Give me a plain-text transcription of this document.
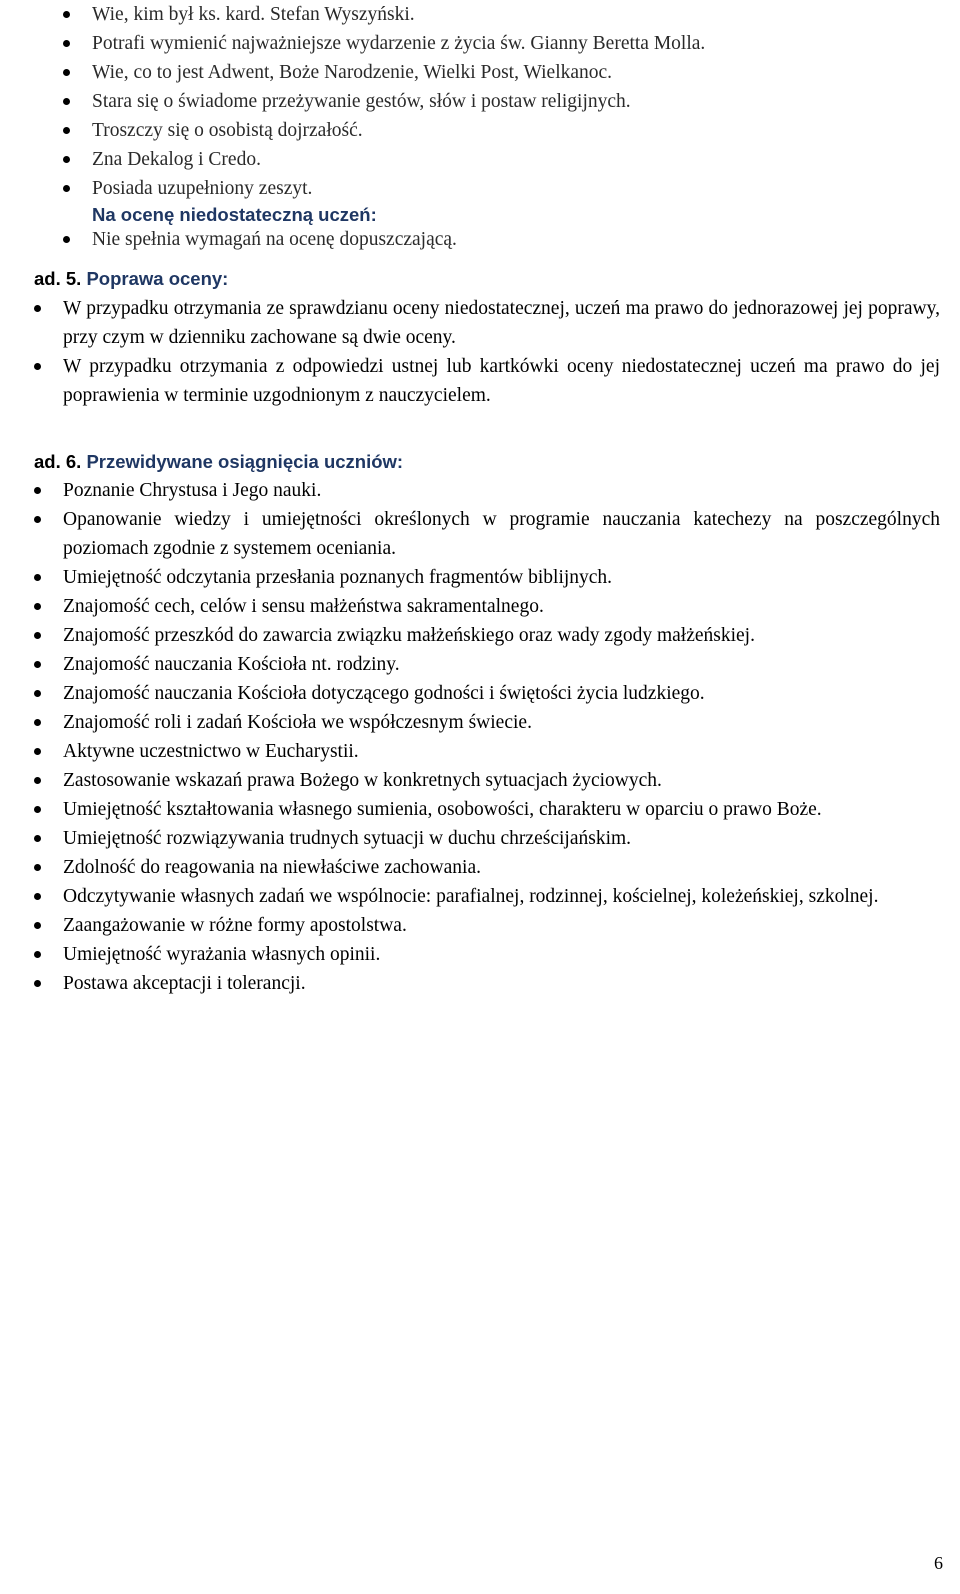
Wie, kim był ks. kard. Stefan Wyszyński.
Potrafi wymienić najważniejsze wydarzenie z życia św. Gianny Beretta Molla.
Wie, co to jest Adwent, Boże Narodzenie, Wielki Post, Wielkanoc.
Stara się o świadome przeżywanie gestów, słów i postaw religijnych.
Troszczy się o osobistą dojrzałość.
Zna Dekalog i Credo.
Posiada uzupełniony zeszyt.
Na ocenę niedostateczną uczeń:
Nie spełnia wymagań na ocenę dopuszczającą.
ad. 5. Poprawa oceny:
W przypadku otrzymania ze sprawdzianu oceny niedostatecznej, uczeń ma prawo do jednorazowej jej poprawy, przy czym w dzienniku zachowane są dwie oceny.
W przypadku otrzymania z odpowiedzi ustnej lub kartkówki oceny niedostatecznej uczeń ma prawo do jej poprawienia w terminie uzgodnionym z nauczycielem.
ad. 6. Przewidywane osiągnięcia uczniów:
Poznanie Chrystusa i Jego nauki.
Opanowanie wiedzy i umiejętności określonych w programie nauczania katechezy na poszczególnych poziomach zgodnie z systemem oceniania.
Umiejętność odczytania przesłania poznanych fragmentów biblijnych.
Znajomość cech, celów i sensu małżeństwa sakramentalnego.
Znajomość przeszkód do zawarcia związku małżeńskiego oraz wady zgody małżeńskiej.
Znajomość nauczania Kościoła nt. rodziny.
Znajomość nauczania Kościoła dotyczącego godności i świętości życia ludzkiego.
Znajomość roli i zadań Kościoła we współczesnym świecie.
Aktywne uczestnictwo w Eucharystii.
Zastosowanie wskazań prawa Bożego w konkretnych sytuacjach życiowych.
Umiejętność kształtowania własnego sumienia, osobowości, charakteru w oparciu o prawo Boże.
Umiejętność rozwiązywania trudnych sytuacji w duchu chrześcijańskim.
Zdolność do reagowania na niewłaściwe zachowania.
Odczytywanie własnych zadań we wspólnocie: parafialnej, rodzinnej, kościelnej, koleżeńskiej, szkolnej.
Zaangażowanie w różne formy apostolstwa.
Umiejętność wyrażania własnych opinii.
Postawa akceptacji i tolerancji.
6
